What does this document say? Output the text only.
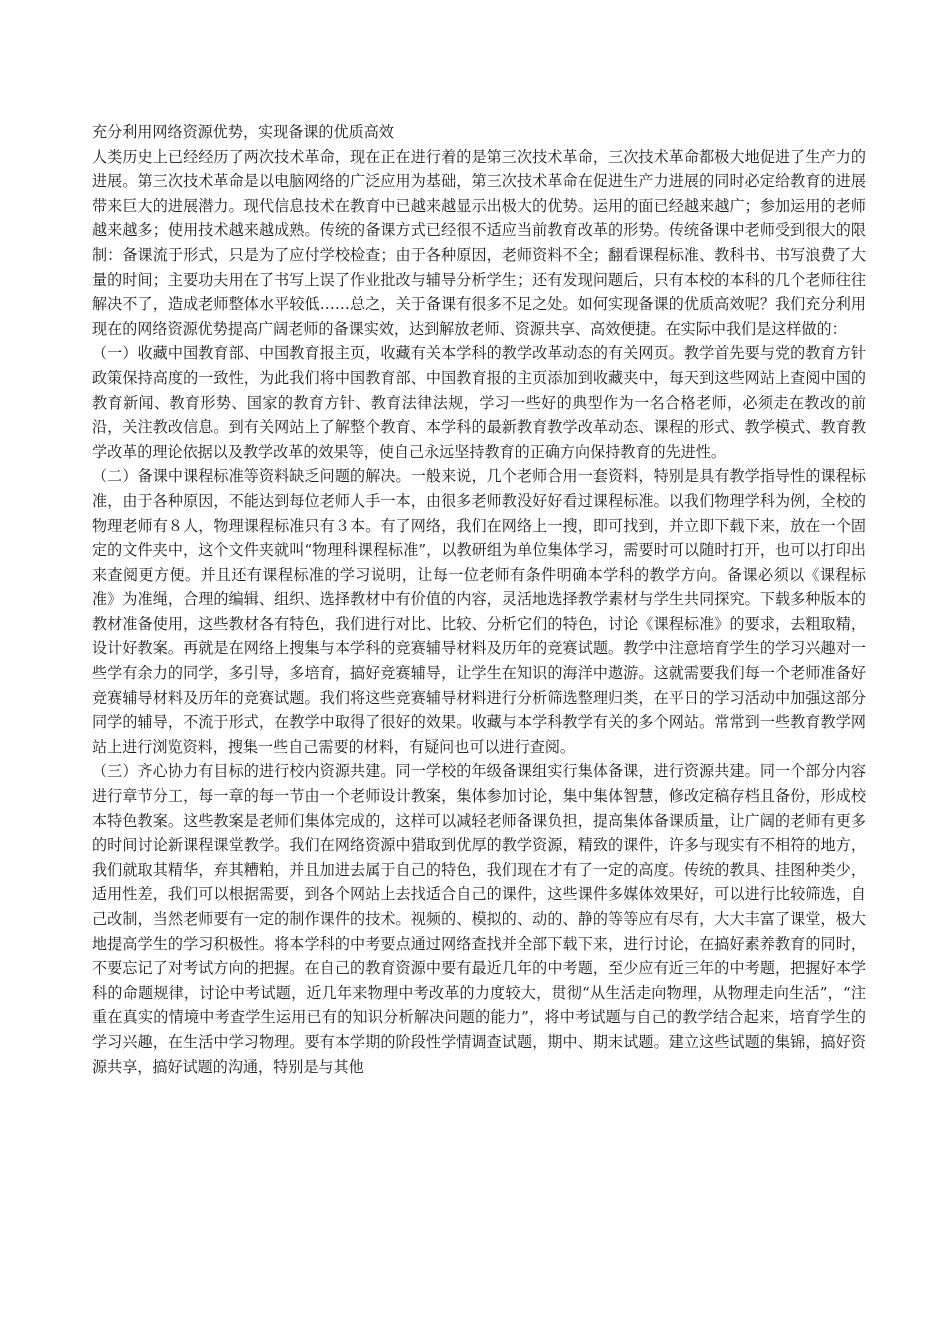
充分利用网络资源优势，实现备课的优质高效

人类历史上已经经历了两次技术革命，现在正在进行着的是第三次技术革命，三次技术革命都极大地促进了生产力的进展。第三次技术革命是以电脑网络的广泛应用为基础，第三次技术革命在促进生产力进展的同时必定给教育的进展带来巨大的进展潜力。现代信息技术在教育中已越来越显示出极大的优势。运用的面已经越来越广；参加运用的老师越来越多；使用技术越来越成熟。传统的备课方式已经很不适应当前教育改革的形势。传统备课中老师受到很大的限制：备课流于形式，只是为了应付学校检查；由于各种原因，老师资料不全；翻看课程标准、教科书、书写浪费了大量的时间；主要功夫用在了书写上误了作业批改与辅导分析学生；还有发现问题后，只有本校的本科的几个老师往往解决不了，造成老师整体水平较低……总之，关于备课有很多不足之处。如何实现备课的优质高效呢？我们充分利用现在的网络资源优势提高广阔老师的备课实效，达到解放老师、资源共享、高效便捷。在实际中我们是这样做的：

（一）收藏中国教育部、中国教育报主页，收藏有关本学科的教学改革动态的有关网页。教学首先要与党的教育方针政策保持高度的一致性，为此我们将中国教育部、中国教育报的主页添加到收藏夹中，每天到这些网站上查阅中国的教育新闻、教育形势、国家的教育方针、教育法律法规，学习一些好的典型作为一名合格老师，必须走在教改的前沿，关注教改信息。到有关网站上了解整个教育、本学科的最新教育教学改革动态、课程的形式、教学模式、教育教学改革的理论依据以及教学改革的效果等，使自己永远坚持教育的正确方向保持教育的先进性。

（二）备课中课程标准等资料缺乏问题的解决。一般来说，几个老师合用一套资料，特别是具有教学指导性的课程标准，由于各种原因，不能达到每位老师人手一本，由很多老师教没好好看过课程标准。以我们物理学科为例，全校的物理老师有８人，物理课程标准只有３本。有了网络，我们在网络上一搜，即可找到，并立即下载下来，放在一个固定的文件夹中，这个文件夹就叫“物理科课程标准”，以教研组为单位集体学习，需要时可以随时打开，也可以打印出来查阅更方便。并且还有课程标准的学习说明，让每一位老师有条件明确本学科的教学方向。备课必须以《课程标准》为准绳，合理的编辑、组织、选择教材中有价值的内容，灵活地选择教学素材与学生共同探究。下载多种版本的教材准备使用，这些教材各有特色，我们进行对比、比较、分析它们的特色，讨论《课程标准》的要求，去粗取精，设计好教案。再就是在网络上搜集与本学科的竞赛辅导材料及历年的竞赛试题。教学中注意培育学生的学习兴趣对一些学有余力的同学，多引导，多培育，搞好竞赛辅导，让学生在知识的海洋中遨游。这就需要我们每一个老师准备好竞赛辅导材料及历年的竞赛试题。我们将这些竞赛辅导材料进行分析筛选整理归类，在平日的学习活动中加强这部分同学的辅导，不流于形式，在教学中取得了很好的效果。收藏与本学科教学有关的多个网站。常常到一些教育教学网站上进行浏览资料，搜集一些自己需要的材料，有疑问也可以进行查阅。

（三）齐心协力有目标的进行校内资源共建。同一学校的年级备课组实行集体备课，进行资源共建。同一个部分内容进行章节分工，每一章的每一节由一个老师设计教案，集体参加讨论，集中集体智慧，修改定稿存档且备份，形成校本特色教案。这些教案是老师们集体完成的，这样可以减轻老师备课负担，提高集体备课质量，让广阔的老师有更多的时间讨论新课程课堂教学。我们在网络资源中猎取到优厚的教学资源，精致的课件，许多与现实有不相符的地方，我们就取其精华，弃其糟粕，并且加进去属于自己的特色，我们现在才有了一定的高度。传统的教具、挂图种类少，适用性差，我们可以根据需要，到各个网站上去找适合自己的课件，这些课件多媒体效果好，可以进行比较筛选，自己改制，当然老师要有一定的制作课件的技术。视频的、模拟的、动的、静的等等应有尽有，大大丰富了课堂，极大地提高学生的学习积极性。将本学科的中考要点通过网络查找并全部下载下来，进行讨论，在搞好素养教育的同时，不要忘记了对考试方向的把握。在自己的教育资源中要有最近几年的中考题，至少应有近三年的中考题，把握好本学科的命题规律，讨论中考试题，近几年来物理中考改革的力度较大，贯彻“从生活走向物理，从物理走向生活”，“注重在真实的情境中考查学生运用已有的知识分析解决问题的能力”，将中考试题与自己的教学结合起来，培育学生的学习兴趣，在生活中学习物理。要有本学期的阶段性学情调查试题，期中、期末试题。建立这些试题的集锦，搞好资源共享，搞好试题的沟通，特别是与其他
